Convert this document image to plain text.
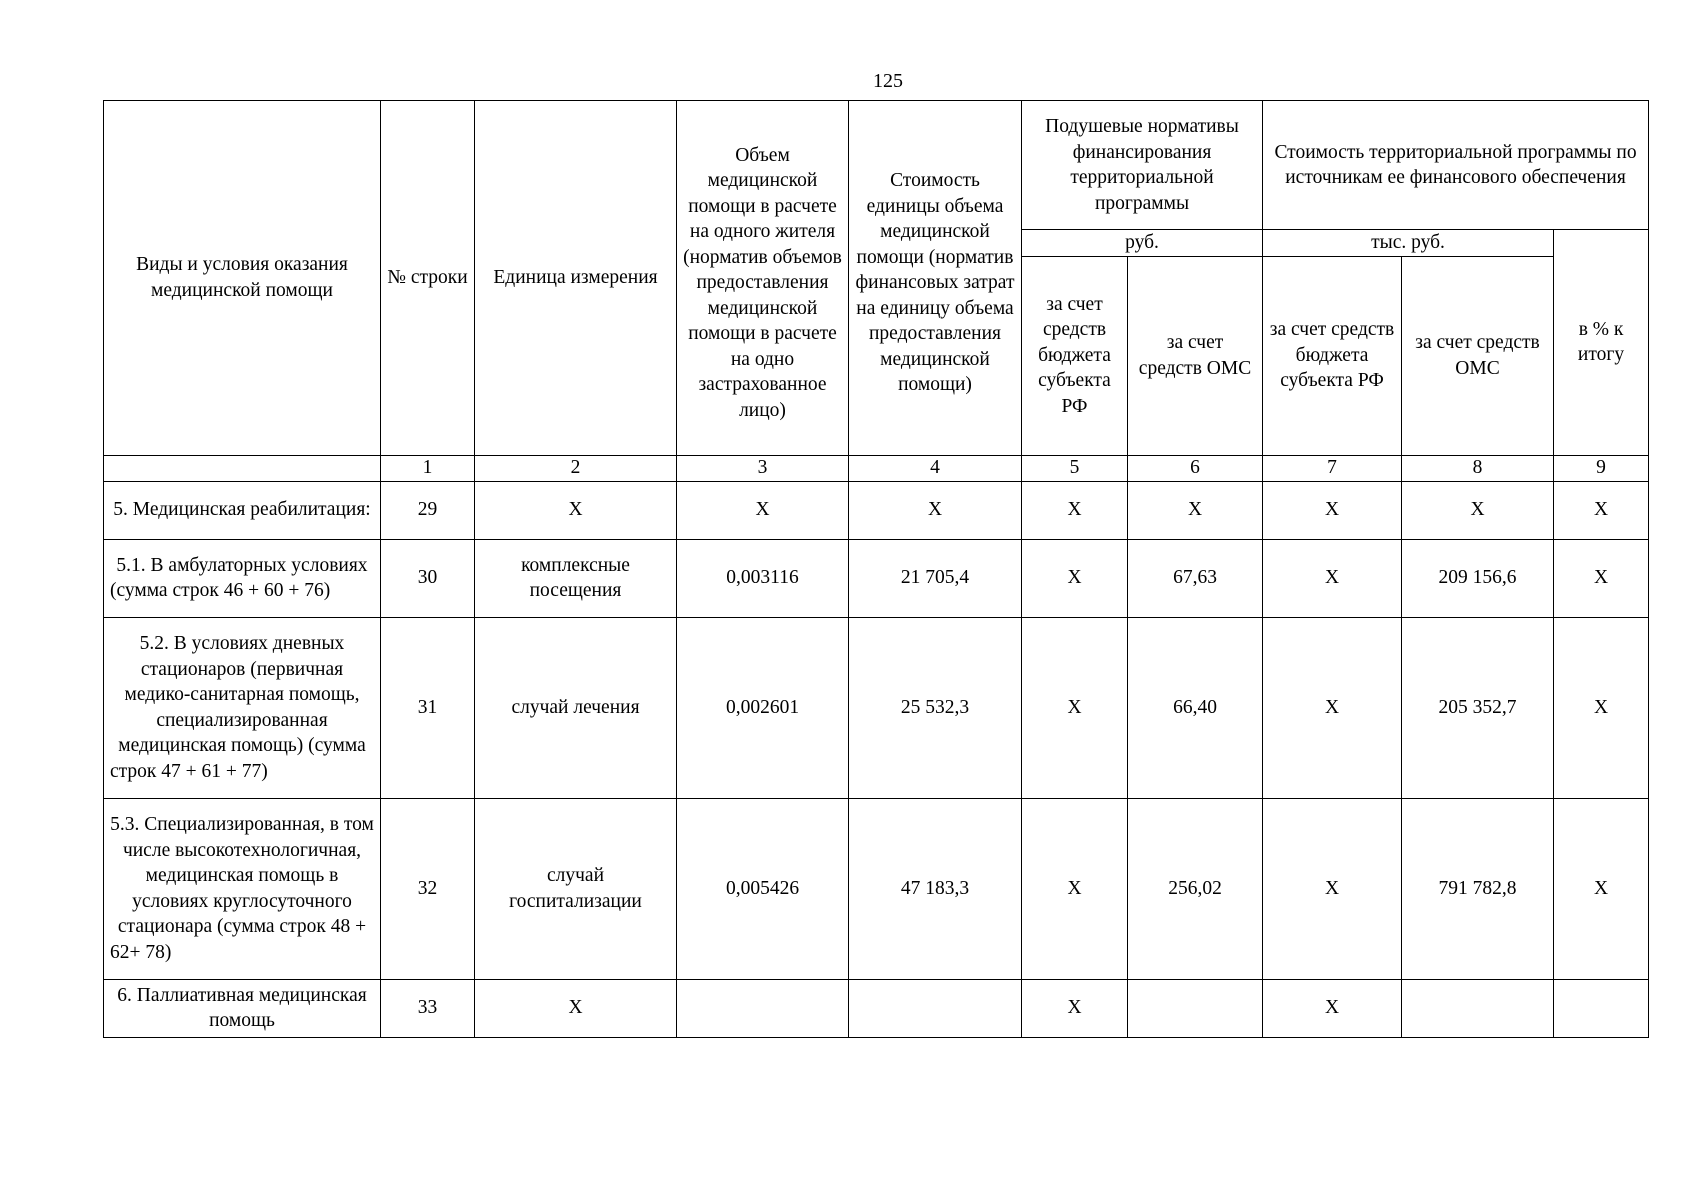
125
Виды и условия оказания медицинской помощи	№ строки	Единица измерения	Объем медицинской помощи в расчете на одного жителя (норматив объемов предоставления медицинской помощи в расчете на одно застрахованное лицо)	Стоимость единицы объема медицинской помощи (норматив финансовых затрат на единицу объема предоставления медицинской помощи)	Подушевые нормативы финансирования территориальной программы		Стоимость территориальной программы по источникам ее финансового обеспечения		
					руб.		тыс. руб.		в % к итогу
					за счет средств бюджета субъекта РФ	за счет средств ОМС	за счет средств бюджета субъекта РФ	за счет средств ОМС	
	1	2	3	4	5	6	7	8	9
5. Медицинская реабилитация:	29	Х	Х	Х	Х	Х	Х	Х	Х
5.1. В амбулаторных условиях (сумма строк 46 + 60 + 76)	30	комплексные посещения	0,003116	21 705,4	Х	67,63	Х	209 156,6	Х
5.2. В условиях дневных стационаров (первичная медико-санитарная помощь, специализированная медицинская помощь) (сумма строк 47 + 61 + 77)	31	случай лечения	0,002601	25 532,3	Х	66,40	Х	205 352,7	Х
5.3. Специализированная, в том числе высокотехнологичная, медицинская помощь в условиях круглосуточного стационара (сумма строк 48 + 62+ 78)	32	случай госпитализации	0,005426	47 183,3	Х	256,02	Х	791 782,8	Х
6. Паллиативная медицинская помощь	33	Х			Х		Х		
